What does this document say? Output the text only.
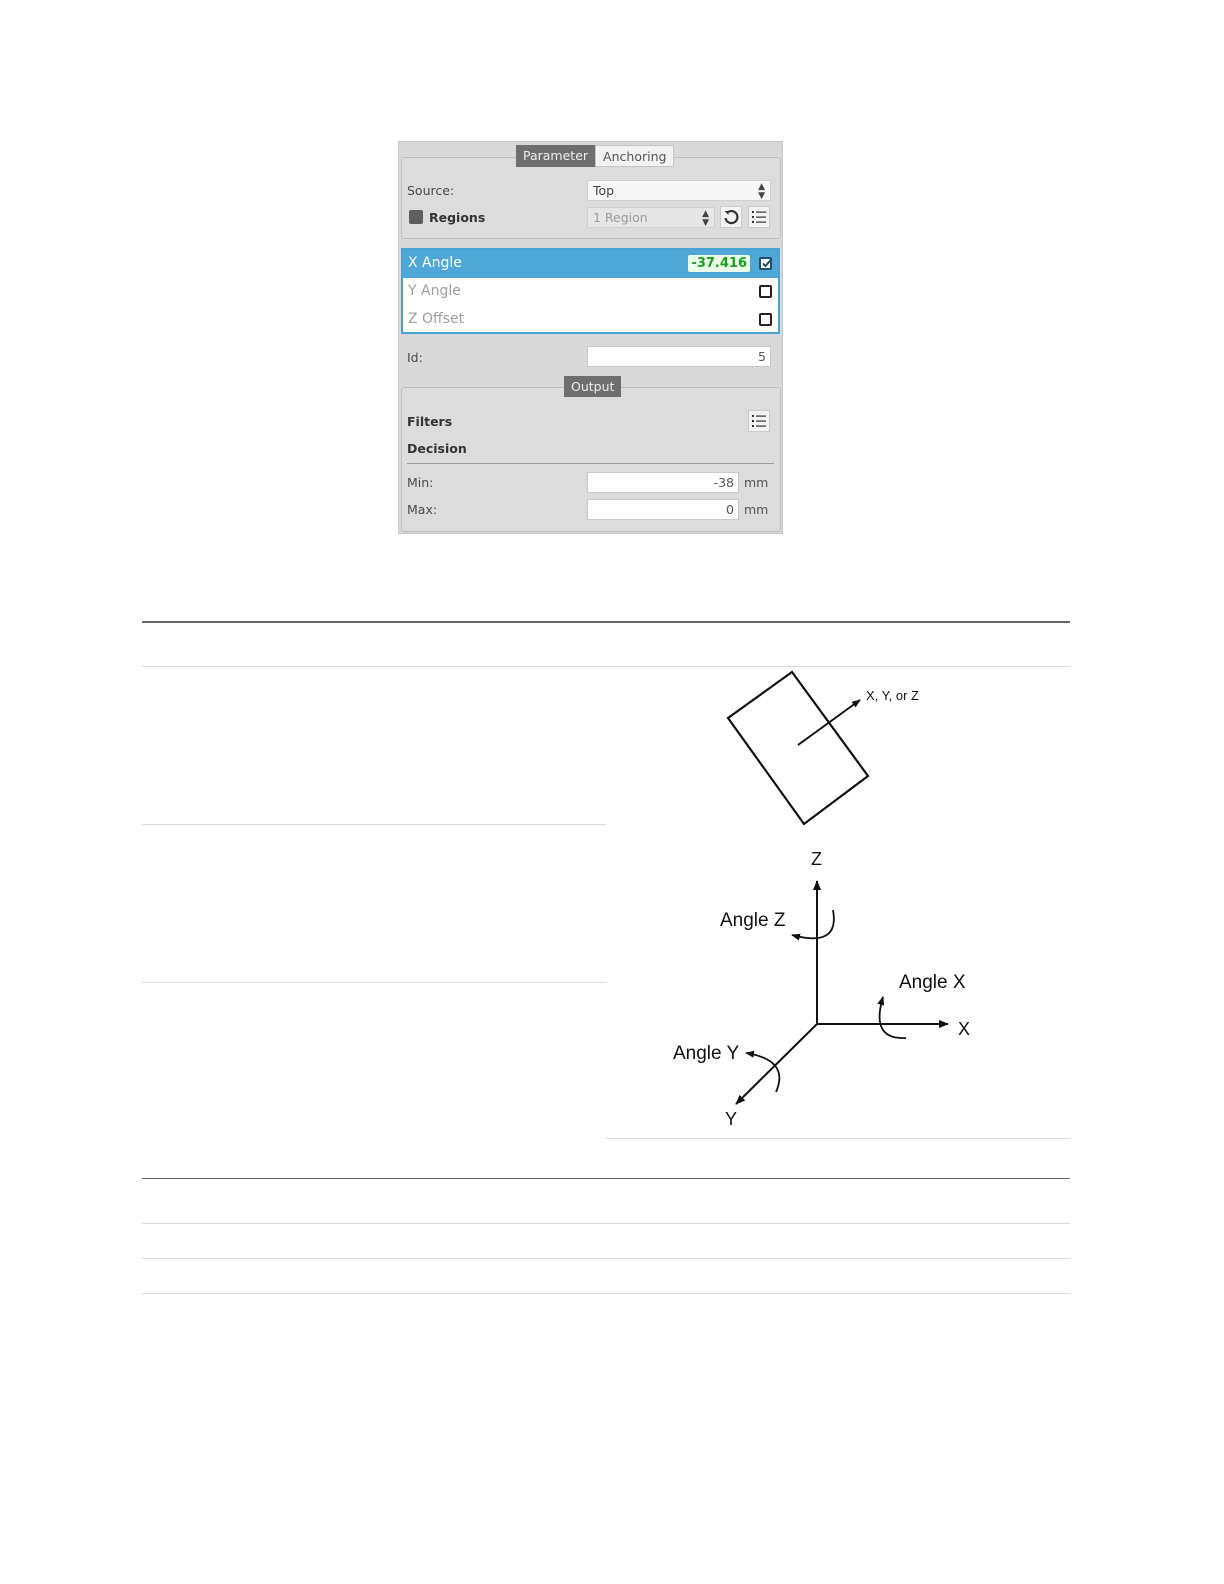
Parameter	Anchoring
Source:	Top	▲
▼
Regions	1 Region	▲
▼
X Angle	-37.416
Y Angle
Z Offset
Id:	5
Output
Filters
Decision
Min:	-38 mm
Max:	0 mm
X, Y, or Z
Z
X
Y
Angle Z
Angle X
Angle Y
